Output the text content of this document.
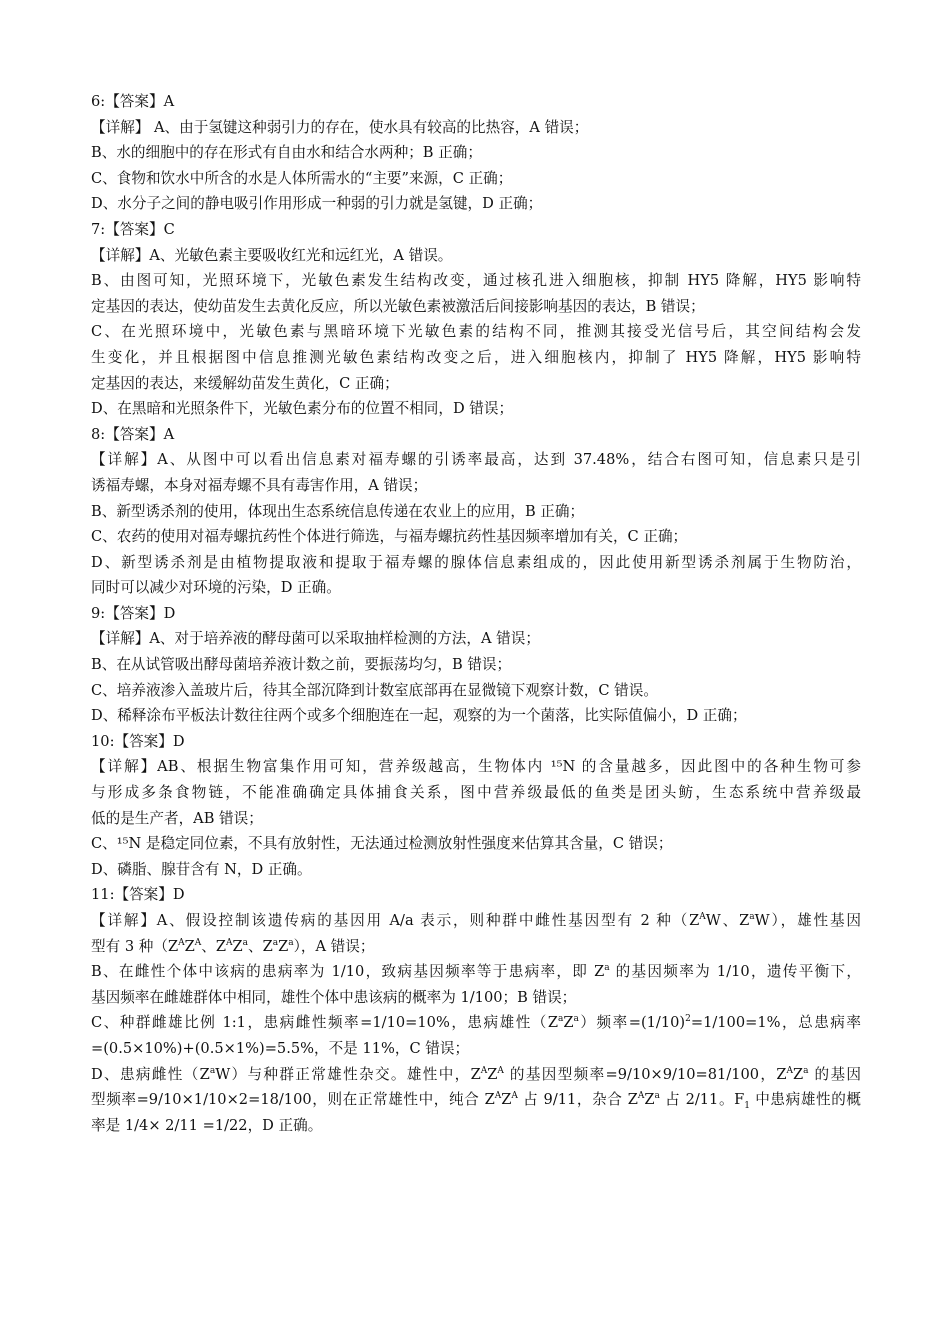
6:【答案】A
【详解】 A、由于氢键这种弱引力的存在，使水具有较高的比热容，A 错误；
B、水的细胞中的存在形式有自由水和结合水两种；B 正确；
C、食物和饮水中所含的水是人体所需水的“主要”来源，C 正确；
D、水分子之间的静电吸引作用形成一种弱的引力就是氢键，D 正确；
7:【答案】C
【详解】A、光敏色素主要吸收红光和远红光，A 错误。
B、由图可知，光照环境下，光敏色素发生结构改变，通过核孔进入细胞核，抑制 HY5 降解，HY5 影响特
定基因的表达，使幼苗发生去黄化反应，所以光敏色素被激活后间接影响基因的表达，B 错误；
C、在光照环境中，光敏色素与黑暗环境下光敏色素的结构不同，推测其接受光信号后，其空间结构会发
生变化，并且根据图中信息推测光敏色素结构改变之后，进入细胞核内，抑制了 HY5 降解，HY5 影响特
定基因的表达，来缓解幼苗发生黄化，C 正确；
D、在黑暗和光照条件下，光敏色素分布的位置不相同，D 错误；
8:【答案】A
【详解】A、从图中可以看出信息素对福寿螺的引诱率最高，达到 37.48%，结合右图可知，信息素只是引
诱福寿螺，本身对福寿螺不具有毒害作用，A 错误；
B、新型诱杀剂的使用，体现出生态系统信息传递在农业上的应用，B 正确；
C、农药的使用对福寿螺抗药性个体进行筛选，与福寿螺抗药性基因频率增加有关，C 正确；
D、新型诱杀剂是由植物提取液和提取于福寿螺的腺体信息素组成的，因此使用新型诱杀剂属于生物防治，
同时可以减少对环境的污染，D 正确。
9:【答案】D
【详解】A、对于培养液的酵母菌可以采取抽样检测的方法，A 错误；
B、在从试管吸出酵母菌培养液计数之前，要振荡均匀，B 错误；
C、培养液渗入盖玻片后，待其全部沉降到计数室底部再在显微镜下观察计数，C 错误。
D、稀释涂布平板法计数往往两个或多个细胞连在一起，观察的为一个菌落，比实际值偏小，D 正确；
10:【答案】D
【详解】AB、根据生物富集作用可知，营养级越高，生物体内 ¹⁵N 的含量越多，因此图中的各种生物可参
与形成多条食物链，不能准确确定具体捕食关系，图中营养级最低的鱼类是团头鲂，生态系统中营养级最
低的是生产者，AB 错误；
C、¹⁵N 是稳定同位素，不具有放射性，无法通过检测放射性强度来估算其含量，C 错误；
D、磷脂、腺苷含有 N，D 正确。
11:【答案】D
【详解】A、假设控制该遗传病的基因用 A/a 表示，则种群中雌性基因型有 2 种（$Z^AW$、$Z^aW$），雄性基因
型有 3 种（$Z^AZ^A$、$Z^AZ^a$、$Z^aZ^a$），A 错误；
B、在雌性个体中该病的患病率为 1/10，致病基因频率等于患病率，即 $Z^a$ 的基因频率为 1/10，遗传平衡下，
基因频率在雌雄群体中相同，雄性个体中患该病的概率为 1/100；B 错误；
C、种群雌雄比例 1:1，患病雌性频率=1/10=10%，患病雄性$(Z^aZ^a)$频率$=(1/10)^2=1/100=1\%$，总患病率
=(0.5×10%)+(0.5×1%)=5.5%，不是 11%，C 错误；
D、患病雌性$(Z^aW)$与种群正常雄性杂交。雄性中，$Z^AZ^A$ 的基因型频率=9/10×9/10=81/100，$Z^AZ^a$ 的基因
型频率=9/10×1/10×2=18/100，则在正常雄性中，纯合 $Z^AZ^A$ 占 9/11，杂合 $Z^AZ^a$ 占 2/11。$F_1$ 中患病雄性的概
率是 1/4× 2/11 =1/22，D 正确。
